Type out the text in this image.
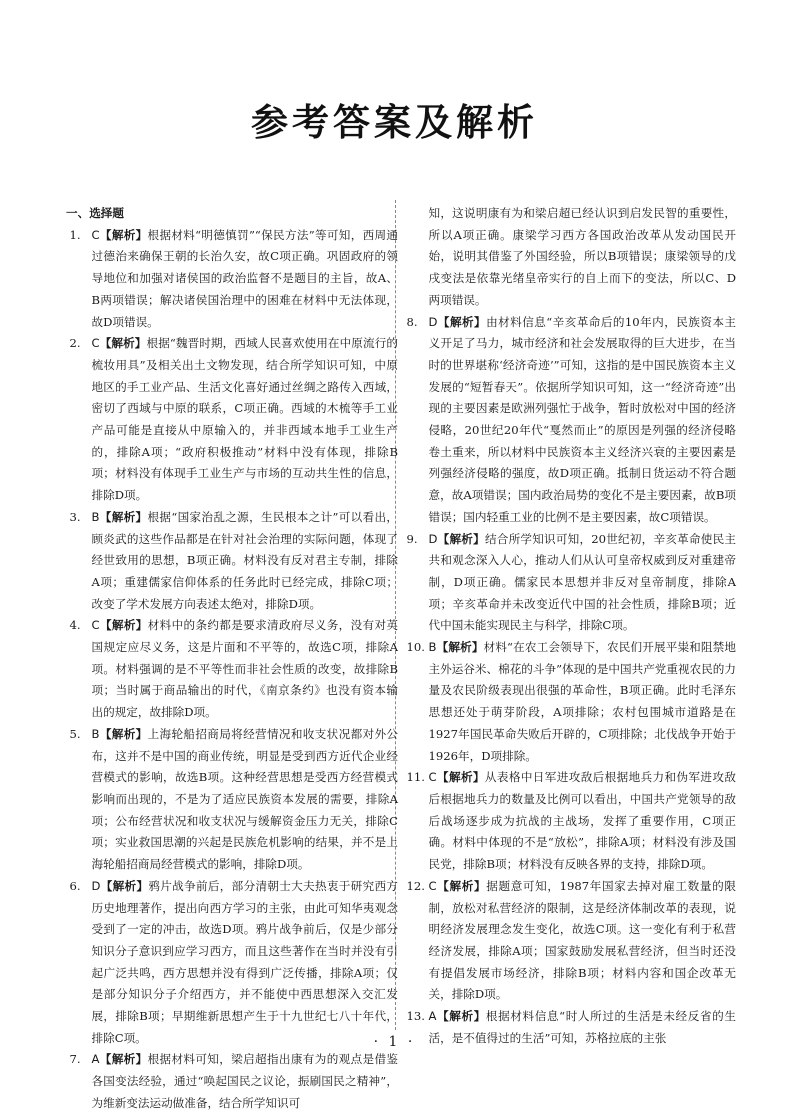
参考答案及解析
一、选择题

1. C【解析】根据材料“明德慎罚”“保民方法”等可知，西周通过德治来确保王朝的长治久安，故C项正确。巩固政府的领导地位和加强对诸侯国的政治监督不是题目的主旨，故A、B两项错误；解决诸侯国治理中的困难在材料中无法体现，故D项错误。

2. C【解析】根据“魏晋时期，西域人民喜欢使用在中原流行的梳妆用具”及相关出土文物发现，结合所学知识可知，中原地区的手工业产品、生活文化喜好通过丝绸之路传入西域，密切了西域与中原的联系，C项正确。西域的木梳等手工业产品可能是直接从中原输入的，并非西域本地手工业生产的，排除A项；“政府积极推动”材料中没有体现，排除B项；材料没有体现手工业生产与市场的互动共生性的信息，排除D项。

3. B【解析】根据“国家治乱之源，生民根本之计”可以看出，顾炎武的这些作品都是在针对社会治理的实际问题，体现了经世致用的思想，B项正确。材料没有反对君主专制，排除A项；重建儒家信仰体系的任务此时已经完成，排除C项；改变了学术发展方向表述太绝对，排除D项。

4. C【解析】材料中的条约都是要求清政府尽义务，没有对英国规定应尽义务，这是片面和不平等的，故选C项，排除A项。材料强调的是不平等性而非社会性质的改变，故排除B项；当时属于商品输出的时代，《南京条约》也没有资本输出的规定，故排除D项。

5. B【解析】上海轮船招商局将经营情况和收支状况都对外公布，这并不是中国的商业传统，明显是受到西方近代企业经营模式的影响，故选B项。这种经营思想是受西方经营模式影响而出现的，不是为了适应民族资本发展的需要，排除A项；公布经营状况和收支状况与缓解资金压力无关，排除C项；实业救国思潮的兴起是民族危机影响的结果，并不是上海轮船招商局经营模式的影响，排除D项。

6. D【解析】鸦片战争前后，部分清朝士大夫热衷于研究西方历史地理著作，提出向西方学习的主张，由此可知华夷观念受到了一定的冲击，故选D项。鸦片战争前后，仅是少部分知识分子意识到应学习西方，而且这些著作在当时并没有引起广泛共鸣，西方思想并没有得到广泛传播，排除A项；仅是部分知识分子介绍西方，并不能使中西思想深入交汇发展，排除B项；早期维新思想产生于十九世纪七八十年代，排除C项。

7. A【解析】根据材料可知，梁启超指出康有为的观点是借鉴各国变法经验，通过“唤起国民之议论，振刷国民之精神”，为维新变法运动做准备，结合所学知识可

知，这说明康有为和梁启超已经认识到启发民智的重要性，所以A项正确。康梁学习西方各国政治改革从发动国民开始，说明其借鉴了外国经验，所以B项错误；康梁领导的戊戌变法是依靠光绪皇帝实行的自上而下的变法，所以C、D两项错误。

8. D【解析】由材料信息“辛亥革命后的10年内，民族资本主义开足了马力，城市经济和社会发展取得的巨大进步，在当时的世界堪称‘经济奇迹’”可知，这指的是中国民族资本主义发展的“短暂春天”。依据所学知识可知，这一“经济奇迹”出现的主要因素是欧洲列强忙于战争，暂时放松对中国的经济侵略，20世纪20年代“戛然而止”的原因是列强的经济侵略卷土重来，所以材料中民族资本主义经济兴衰的主要因素是列强经济侵略的强度，故D项正确。抵制日货运动不符合题意，故A项错误；国内政治局势的变化不是主要因素，故B项错误；国内轻重工业的比例不是主要因素，故C项错误。

9. D【解析】结合所学知识可知，20世纪初，辛亥革命使民主共和观念深入人心，推动人们从认可皇帝权威到反对重建帝制，D项正确。儒家民本思想并非反对皇帝制度，排除A项；辛亥革命并未改变近代中国的社会性质，排除B项；近代中国未能实现民主与科学，排除C项。

10. B【解析】材料“在农工会领导下，农民们开展平粜和阻禁地主外运谷米、棉花的斗争”体现的是中国共产党重视农民的力量及农民阶级表现出很强的革命性，B项正确。此时毛泽东思想还处于萌芽阶段，A项排除；农村包围城市道路是在1927年国民革命失败后开辟的，C项排除；北伐战争开始于1926年，D项排除。

11. C【解析】从表格中日军进攻敌后根据地兵力和伪军进攻敌后根据地兵力的数量及比例可以看出，中国共产党领导的敌后战场逐步成为抗战的主战场，发挥了重要作用，C项正确。材料中体现的不是“放松”，排除A项；材料没有涉及国民党，排除B项；材料没有反映各界的支持，排除D项。

12. C【解析】据题意可知，1987年国家去掉对雇工数量的限制，放松对私营经济的限制，这是经济体制改革的表现，说明经济发展理念发生变化，故选C项。这一变化有利于私营经济发展，排除A项；国家鼓励发展私营经济，但当时还没有提倡发展市场经济，排除B项；材料内容和国企改革无关，排除D项。

13. A【解析】根据材料信息“时人所过的生活是未经反省的生活，是不值得过的生活”可知，苏格拉底的主张

· 1 ·
